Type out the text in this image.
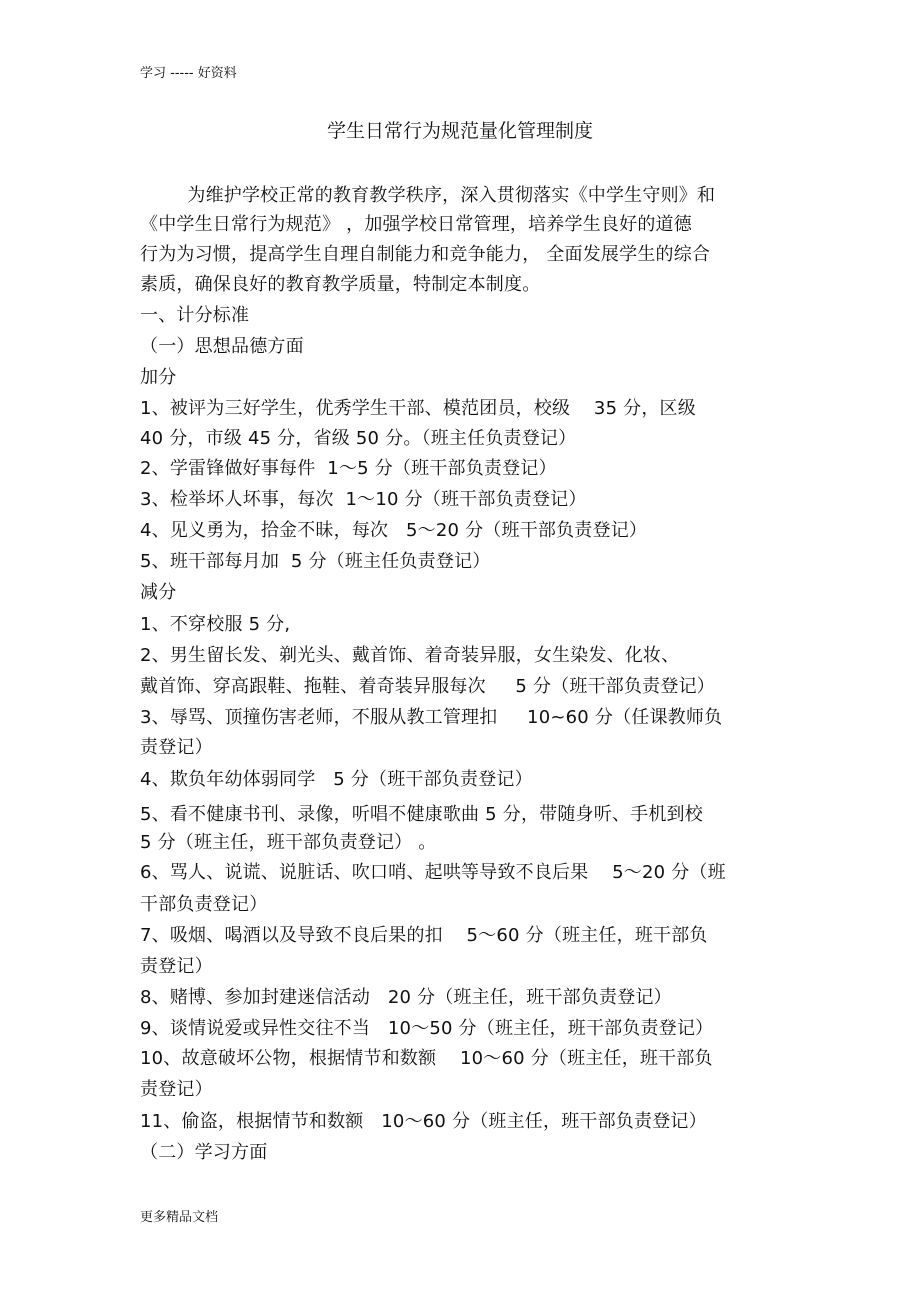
学习 ----- 好资料
学生日常行为规范量化管理制度
为维护学校正常的教育教学秩序，深入贯彻落实《中学生守则》和
《中学生日常行为规范》 ，加强学校日常管理，培养学生良好的道德
行为为习惯，提高学生自理自制能力和竞争能力， 全面发展学生的综合
素质，确保良好的教育教学质量，特制定本制度。
一、计分标准
（一）思想品德方面
加分
1、被评为三好学生，优秀学生干部、模范团员，校级    35 分，区级
40 分，市级 45 分，省级 50 分。（班主任负责登记）
2、学雷锋做好事每件  1～5 分（班干部负责登记）
3、检举坏人坏事，每次  1～10 分（班干部负责登记）
4、见义勇为，拾金不昧，每次   5～20 分（班干部负责登记）
5、班干部每月加  5 分（班主任负责登记）
减分
1、不穿校服 5 分,
2、男生留长发、剃光头、戴首饰、着奇装异服，女生染发、化妆、
戴首饰、穿高跟鞋、拖鞋、着奇装异服每次     5 分（班干部负责登记）
3、辱骂、顶撞伤害老师，不服从教工管理扣     10~60 分（任课教师负
责登记）
4、欺负年幼体弱同学   5 分（班干部负责登记）
5、看不健康书刊、录像，听唱不健康歌曲 5 分，带随身听、手机到校
5 分（班主任，班干部负责登记） 。
6、骂人、说谎、说脏话、吹口哨、起哄等导致不良后果    5～20 分（班
干部负责登记）
7、吸烟、喝酒以及导致不良后果的扣    5～60 分（班主任，班干部负
责登记）
8、赌博、参加封建迷信活动   20 分（班主任，班干部负责登记）
9、谈情说爱或异性交往不当   10～50 分（班主任，班干部负责登记）
10、故意破坏公物，根据情节和数额    10～60 分（班主任，班干部负
责登记）
11、偷盗，根据情节和数额   10～60 分（班主任，班干部负责登记）
（二）学习方面
更多精品文档
